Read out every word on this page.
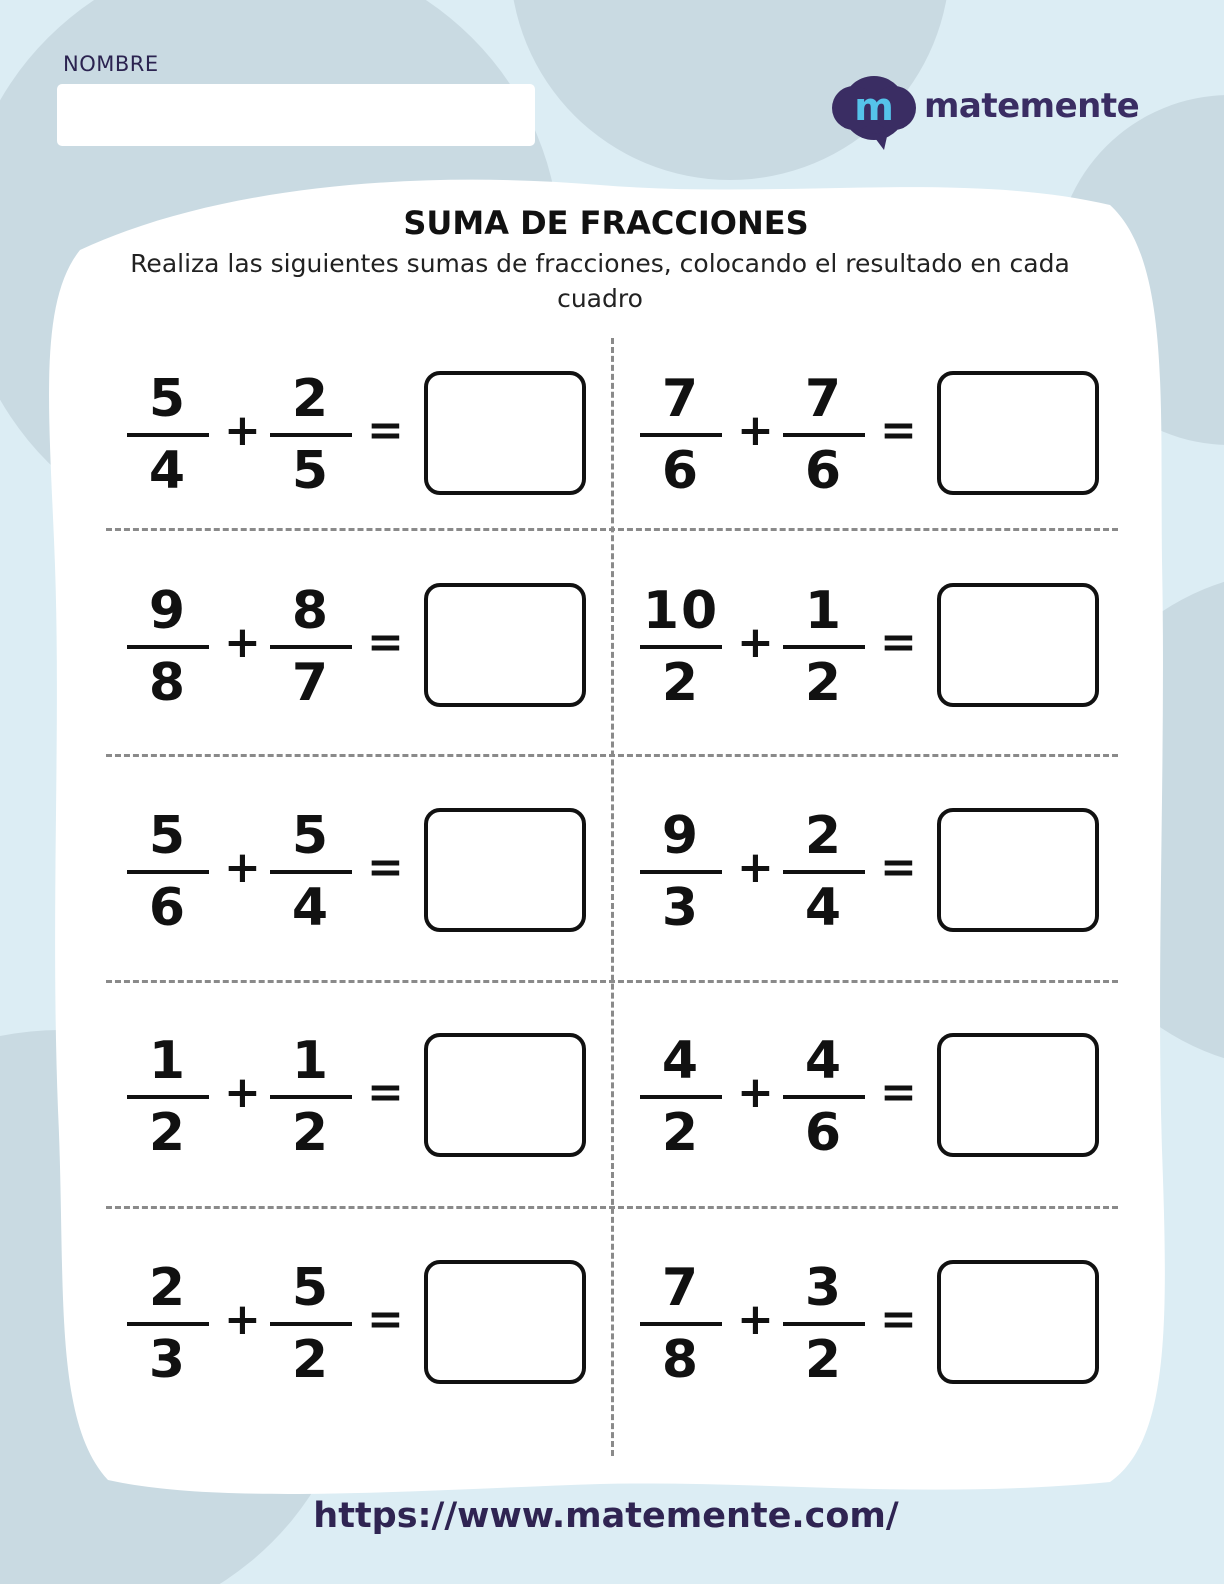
NOMBRE
m matemente
SUMA DE FRACCIONES
Realiza las siguientes sumas de fracciones, colocando el resultado en cada cuadro
5
4
+
2
5
=
7
6
+
7
6
=
9
8
+
8
7
=
10
2
+
1
2
=
5
6
+
5
4
=
9
3
+
2
4
=
1
2
+
1
2
=
4
2
+
4
6
=
2
3
+
5
2
=
7
8
+
3
2
=
https://www.matemente.com/
